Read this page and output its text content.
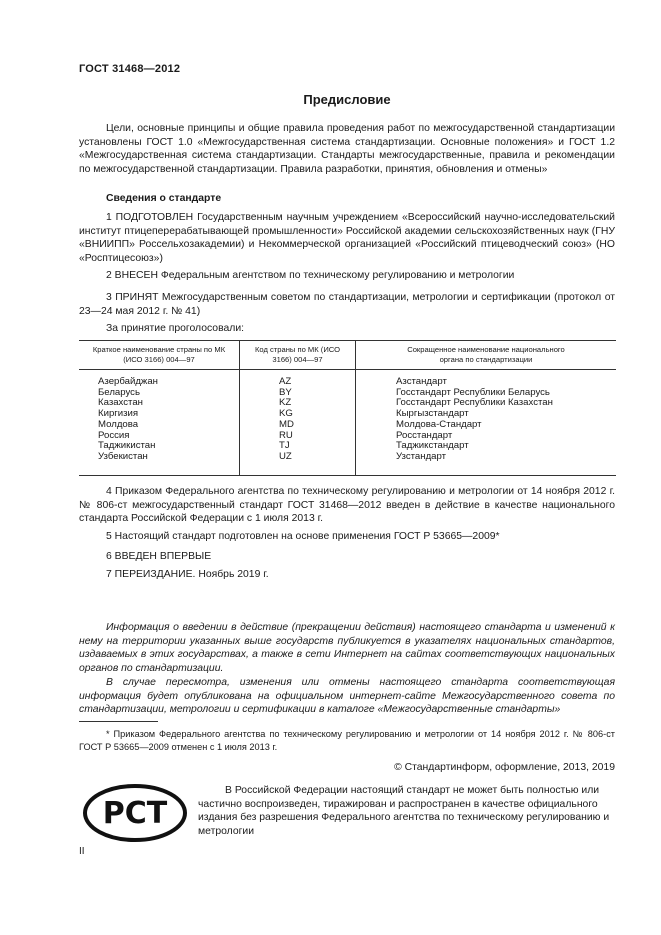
ГОСТ 31468—2012
Предисловие
Цели, основные принципы и общие правила проведения работ по межгосударственной стандартизации установлены ГОСТ 1.0 «Межгосударственная система стандартизации. Основные положения» и ГОСТ 1.2 «Межгосударственная система стандартизации. Стандарты межгосударственные, правила и рекомендации по межгосударственной стандартизации. Правила разработки, принятия, обновления и отмены»
Сведения о стандарте
1 ПОДГОТОВЛЕН Государственным научным учреждением «Всероссийский научно-исследовательский институт птицеперерабатывающей промышленности» Российской академии сельскохозяйственных наук (ГНУ «ВНИИПП» Россельхозакадемии) и Некоммерческой организацией «Российский птицеводческий союз» (НО «Росптицесоюз»)
2 ВНЕСЕН Федеральным агентством по техническому регулированию и метрологии
3 ПРИНЯТ Межгосударственным советом по стандартизации, метрологии и сертификации (протокол от 23—24 мая 2012 г. № 41)
За принятие проголосовали:
Краткое наименование страны по МК (ИСО 3166) 004—97
Код страны по МК (ИСО 3166) 004—97
Сокращенное наименование национального органа по стандартизации
Азербайджан
Беларусь
Казахстан
Киргизия
Молдова
Россия
Таджикистан
Узбекистан
AZ
BY
KZ
KG
MD
RU
TJ
UZ
Азстандарт
Госстандарт Республики Беларусь
Госстандарт Республики Казахстан
Кыргызстандарт
Молдова-Стандарт
Росстандарт
Таджикстандарт
Узстандарт
4 Приказом Федерального агентства по техническому регулированию и метрологии от 14 ноября 2012 г. № 806-ст межгосударственный стандарт ГОСТ 31468—2012 введен в действие в качестве национального стандарта Российской Федерации с 1 июля 2013 г.
5 Настоящий стандарт подготовлен на основе применения ГОСТ Р 53665—2009*
6 ВВЕДЕН ВПЕРВЫЕ
7 ПЕРЕИЗДАНИЕ. Ноябрь 2019 г.
Информация о введении в действие (прекращении действия) настоящего стандарта и изменений к нему на территории указанных выше государств публикуется в указателях национальных стандартов, издаваемых в этих государствах, а также в сети Интернет на сайтах соответствующих национальных органов по стандартизации.
В случае пересмотра, изменения или отмены настоящего стандарта соответствующая информация будет опубликована на официальном интернет-сайте Межгосударственного совета по стандартизации, метрологии и сертификации в каталоге «Межгосударственные стандарты»
* Приказом Федерального агентства по техническому регулированию и метрологии от 14 ноября 2012 г. № 806-ст ГОСТ Р 53665—2009 отменен с 1 июля 2013 г.
© Стандартинформ, оформление, 2013, 2019
РСТ
В Российской Федерации настоящий стандарт не может быть полностью или частично воспроизведен, тиражирован и распространен в качестве официального издания без разрешения Федерального агентства по техническому регулированию и метрологии
II
